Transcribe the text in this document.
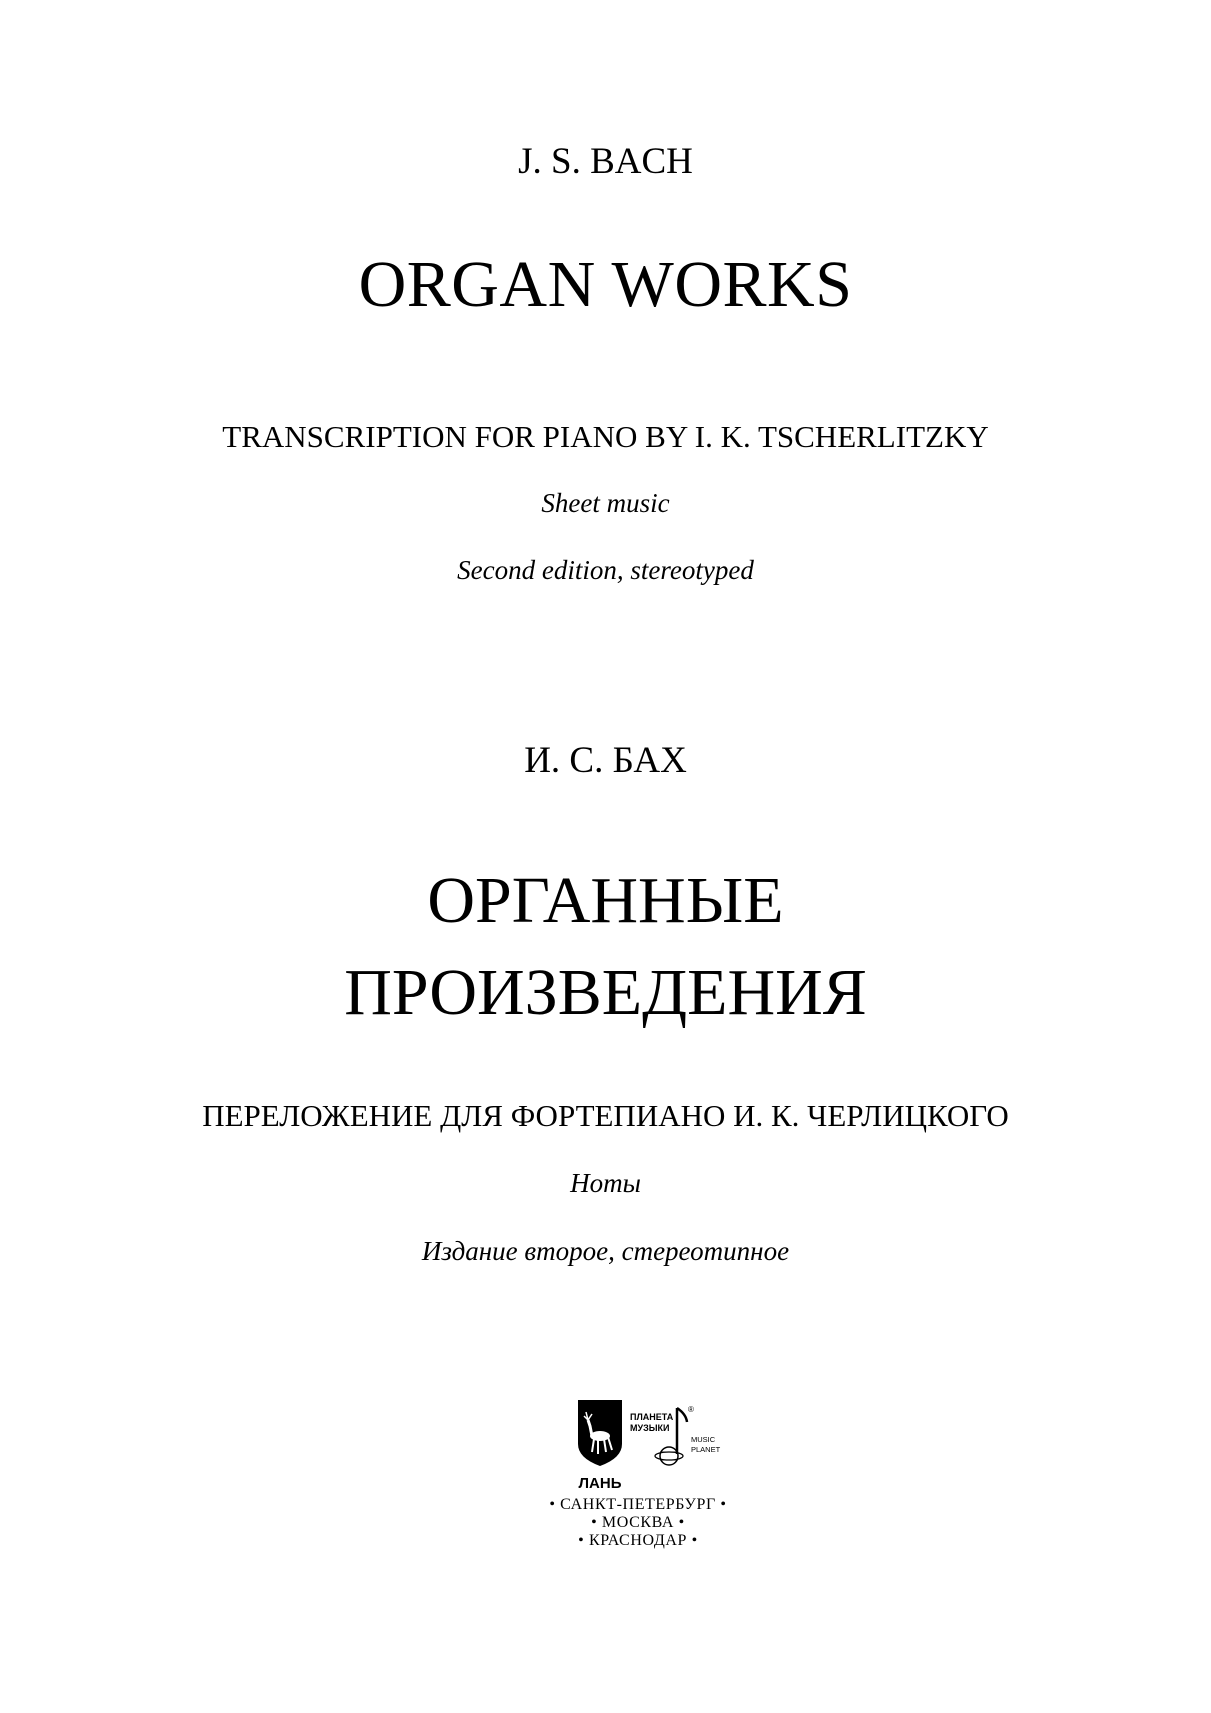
J. S. BACH
ORGAN WORKS
TRANSCRIPTION FOR PIANO BY I. K. TSCHERLITZKY
Sheet music
Second edition, stereotyped
И. С. БАХ
ОРГАННЫЕ
ПРОИЗВЕДЕНИЯ
ПЕРЕЛОЖЕНИЕ ДЛЯ ФОРТЕПИАНО И. К. ЧЕРЛИЦКОГО
Ноты
Издание второе, стереотипное
ЛАНЬ
ПЛАНЕТА
МУЗЫКИ
®
MUSIC
PLANET
• САНКТ-ПЕТЕРБУРГ •
• МОСКВА •
• КРАСНОДАР •
